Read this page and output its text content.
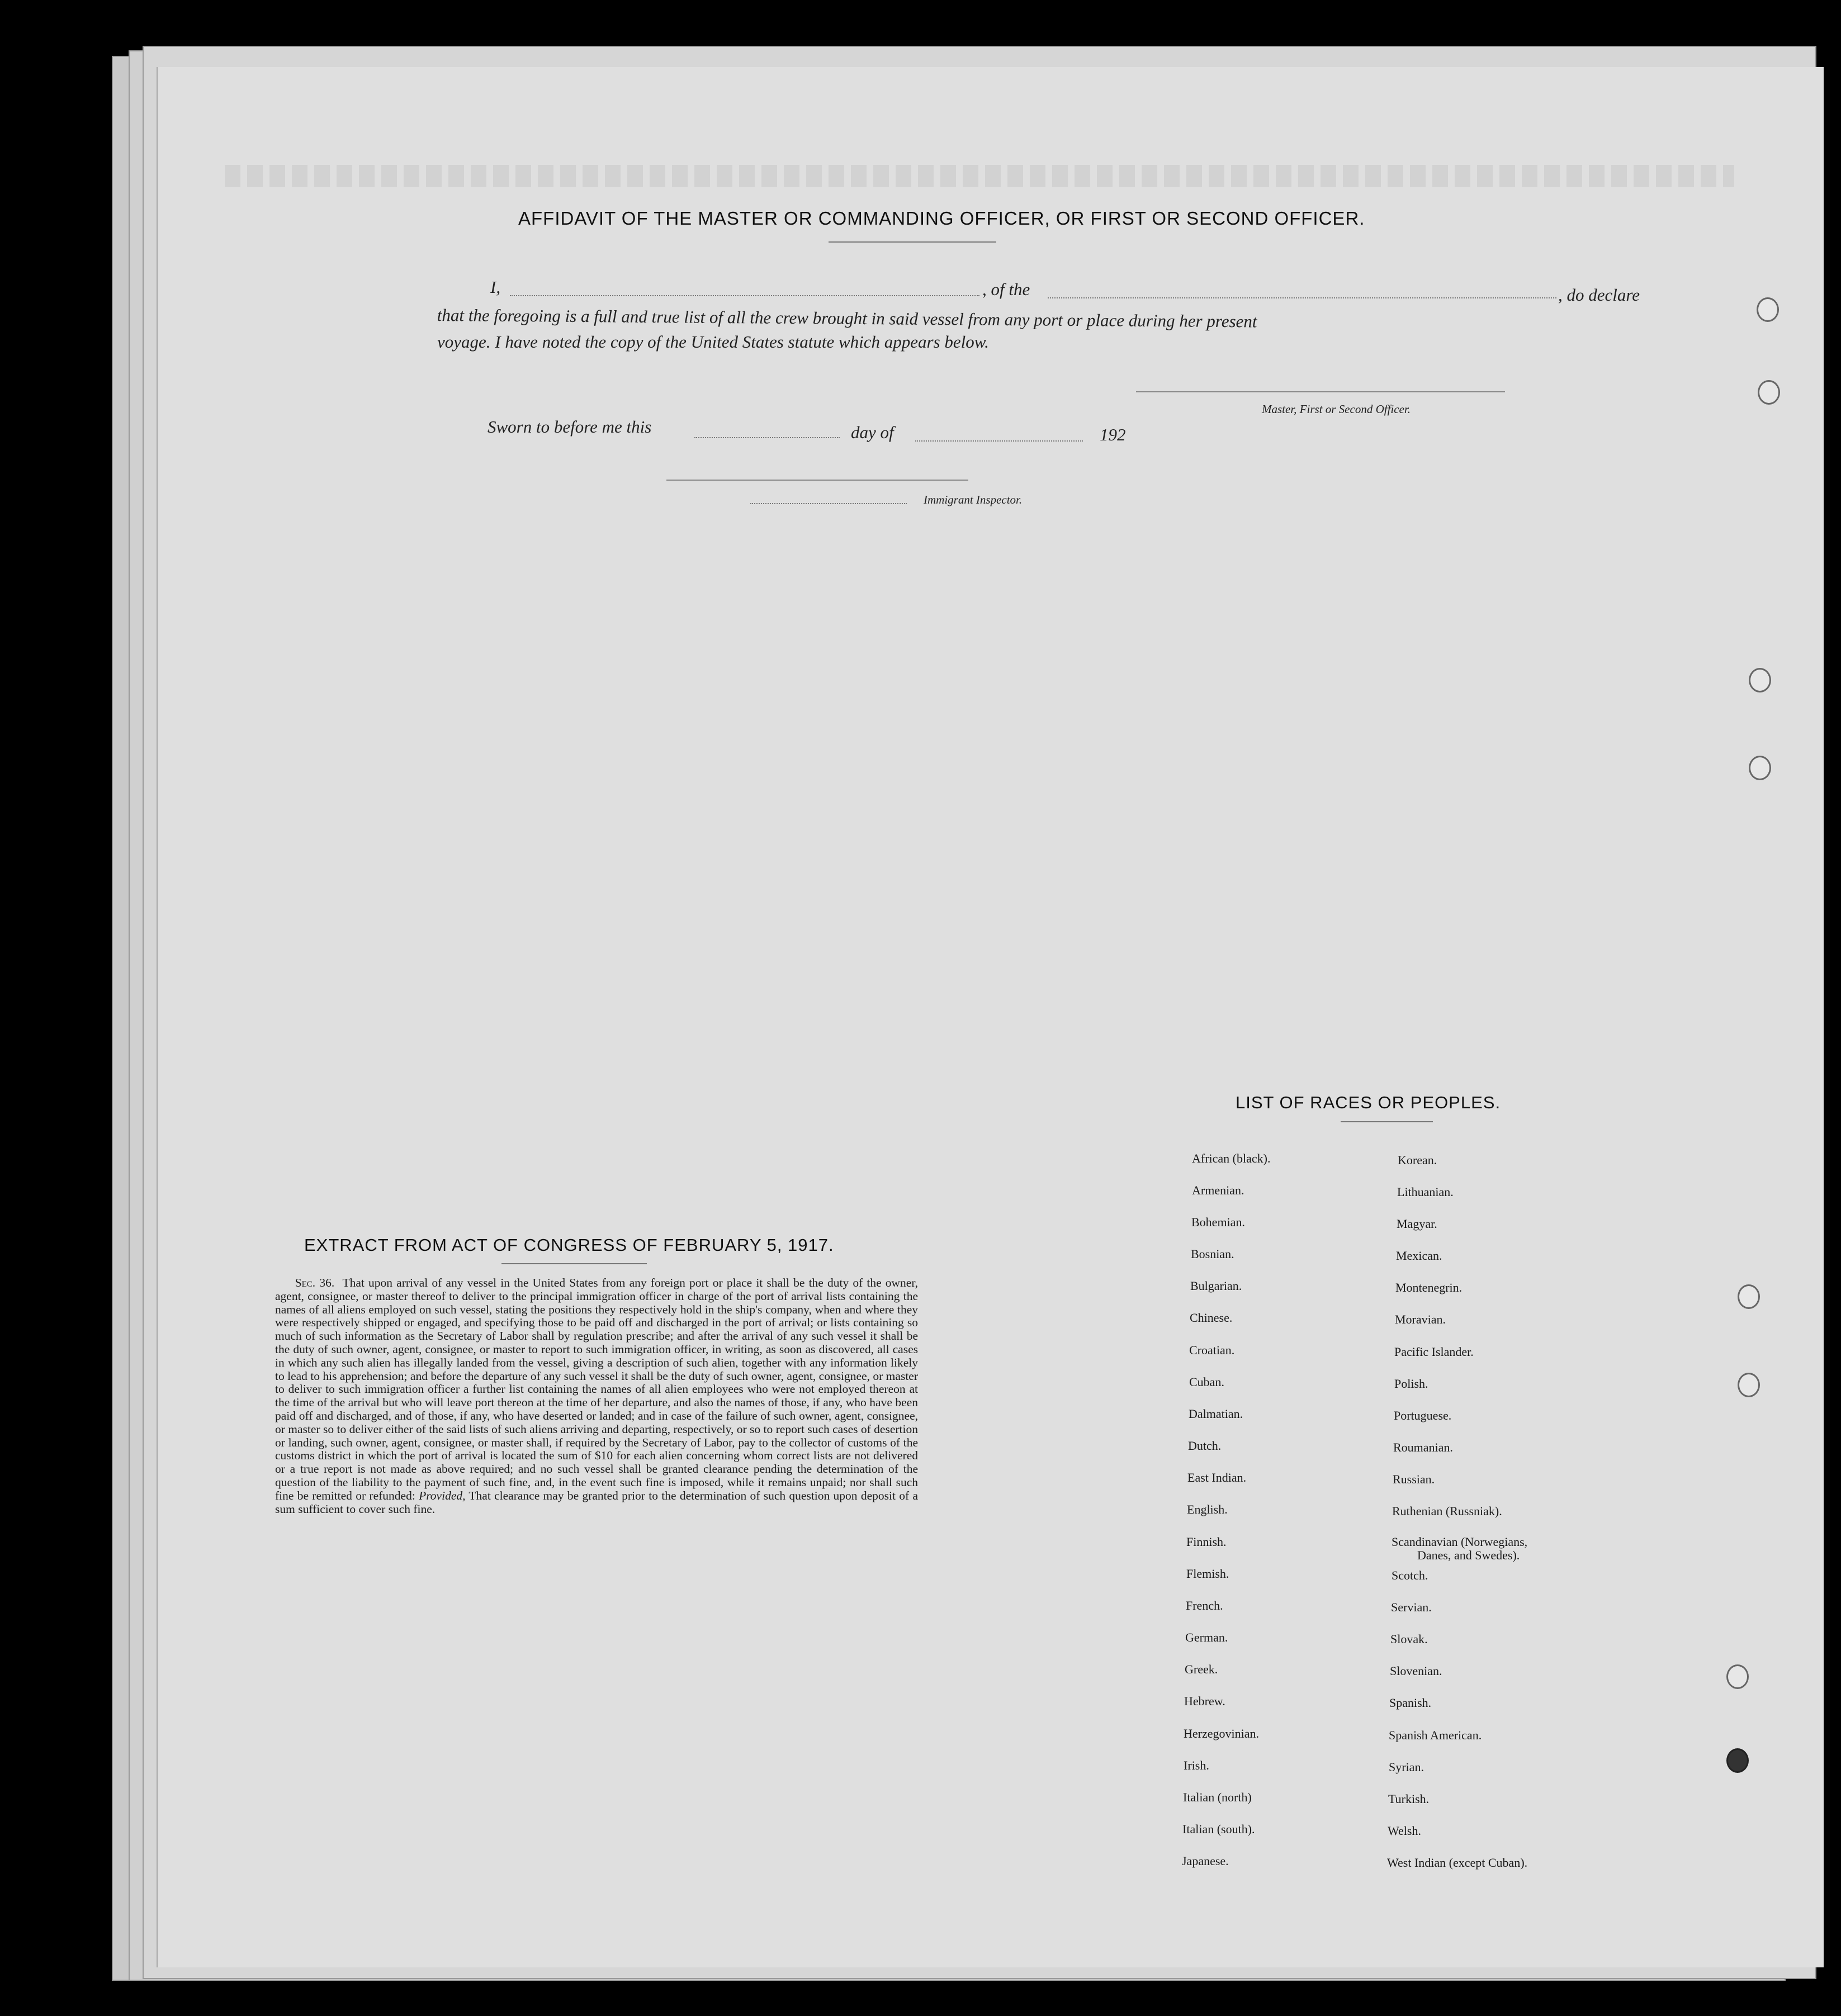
AFFIDAVIT OF THE MASTER OR COMMANDING OFFICER, OR FIRST OR SECOND OFFICER.
I,	, of the	, do declare
that the foregoing is a full and true list of all the crew brought in said vessel from any port or place during her present
voyage. I have noted the copy of the United States statute which appears below.
Master, First or Second Officer.
Sworn to before me this	day of	192
Immigrant Inspector.
EXTRACT FROM ACT OF CONGRESS OF FEBRUARY 5, 1917.
Sec. 36. That upon arrival of any vessel in the United States from any foreign port or place it shall be the duty of the owner, agent, consignee, or master thereof to deliver to the principal immigration officer in charge of the port of arrival lists containing the names of all aliens employed on such vessel, stating the positions they respectively hold in the ship's company, when and where they were respectively shipped or engaged, and specifying those to be paid off and discharged in the port of arrival; or lists containing so much of such information as the Secretary of Labor shall by regulation prescribe; and after the arrival of any such vessel it shall be the duty of such owner, agent, consignee, or master to report to such immigration officer, in writing, as soon as discovered, all cases in which any such alien has illegally landed from the vessel, giving a description of such alien, together with any information likely to lead to his apprehension; and before the departure of any such vessel it shall be the duty of such owner, agent, consignee, or master to deliver to such immigration officer a further list containing the names of all alien employees who were not employed thereon at the time of the arrival but who will leave port thereon at the time of her departure, and also the names of those, if any, who have been paid off and discharged, and of those, if any, who have deserted or landed; and in case of the failure of such owner, agent, consignee, or master so to deliver either of the said lists of such aliens arriving and departing, respectively, or so to report such cases of desertion or landing, such owner, agent, consignee, or master shall, if required by the Secretary of Labor, pay to the collector of customs of the customs district in which the port of arrival is located the sum of $10 for each alien concerning whom correct lists are not delivered or a true report is not made as above required; and no such vessel shall be granted clearance pending the determination of the question of the liability to the payment of such fine, and, in the event such fine is imposed, while it remains unpaid; nor shall such fine be remitted or refunded: Provided, That clearance may be granted prior to the determination of such question upon deposit of a sum sufficient to cover such fine.
LIST OF RACES OR PEOPLES.
African (black).
Armenian.
Bohemian.
Bosnian.
Bulgarian.
Chinese.
Croatian.
Cuban.
Dalmatian.
Dutch.
East Indian.
English.
Finnish.
Flemish.
French.
German.
Greek.
Hebrew.
Herzegovinian.
Irish.
Italian (north)
Italian (south).
Japanese.
Korean.
Lithuanian.
Magyar.
Mexican.
Montenegrin.
Moravian.
Pacific Islander.
Polish.
Portuguese.
Roumanian.
Russian.
Ruthenian (Russniak).
Scandinavian (Norwegians,
Danes, and Swedes).
Scotch.
Servian.
Slovak.
Slovenian.
Spanish.
Spanish American.
Syrian.
Turkish.
Welsh.
West Indian (except Cuban).
